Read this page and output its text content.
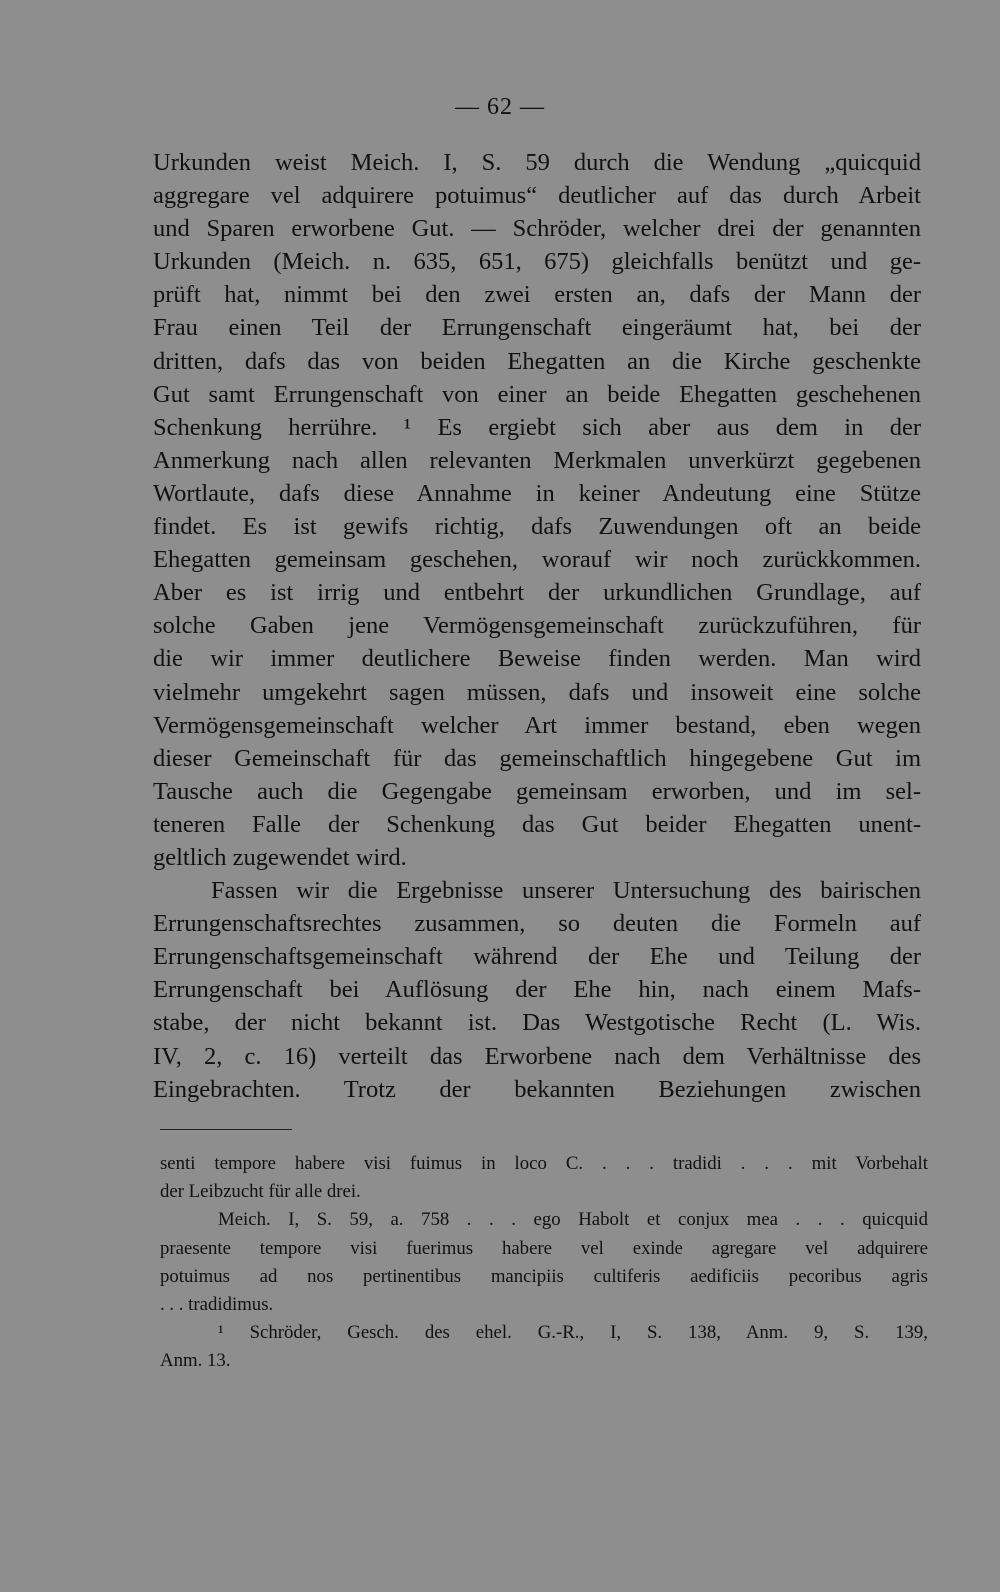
— 62 —
Urkunden weist Meich. I, S. 59 durch die Wendung „quicquid
aggregare vel adquirere potuimus“ deutlicher auf das durch Arbeit
und Sparen erworbene Gut. — Schröder, welcher drei der genannten
Urkunden (Meich. n. 635, 651, 675) gleichfalls benützt und ge-
prüft hat, nimmt bei den zwei ersten an, dafs der Mann der
Frau einen Teil der Errungenschaft eingeräumt hat, bei der
dritten, dafs das von beiden Ehegatten an die Kirche geschenkte
Gut samt Errungenschaft von einer an beide Ehegatten geschehenen
Schenkung herrühre. ¹ Es ergiebt sich aber aus dem in der
Anmerkung nach allen relevanten Merkmalen unverkürzt gegebenen
Wortlaute, dafs diese Annahme in keiner Andeutung eine Stütze
findet. Es ist gewifs richtig, dafs Zuwendungen oft an beide
Ehegatten gemeinsam geschehen, worauf wir noch zurückkommen.
Aber es ist irrig und entbehrt der urkundlichen Grundlage, auf
solche Gaben jene Vermögensgemeinschaft zurückzuführen, für
die wir immer deutlichere Beweise finden werden. Man wird
vielmehr umgekehrt sagen müssen, dafs und insoweit eine solche
Vermögensgemeinschaft welcher Art immer bestand, eben wegen
dieser Gemeinschaft für das gemeinschaftlich hingegebene Gut im
Tausche auch die Gegengabe gemeinsam erworben, und im sel-
teneren Falle der Schenkung das Gut beider Ehegatten unent-
geltlich zugewendet wird.
Fassen wir die Ergebnisse unserer Untersuchung des bairischen
Errungenschaftsrechtes zusammen, so deuten die Formeln auf
Errungenschaftsgemeinschaft während der Ehe und Teilung der
Errungenschaft bei Auflösung der Ehe hin, nach einem Mafs-
stabe, der nicht bekannt ist. Das Westgotische Recht (L. Wis.
IV, 2, c. 16) verteilt das Erworbene nach dem Verhältnisse des
Eingebrachten. Trotz der bekannten Beziehungen zwischen
senti tempore habere visi fuimus in loco C. . . . tradidi . . . mit Vorbehalt
der Leibzucht für alle drei.
Meich. I, S. 59, a. 758 . . . ego Habolt et conjux mea . . . quicquid
praesente tempore visi fuerimus habere vel exinde agregare vel adquirere
potuimus ad nos pertinentibus mancipiis cultiferis aedificiis pecoribus agris
. . . tradidimus.
¹ Schröder, Gesch. des ehel. G.-R., I, S. 138, Anm. 9, S. 139,
Anm. 13.
